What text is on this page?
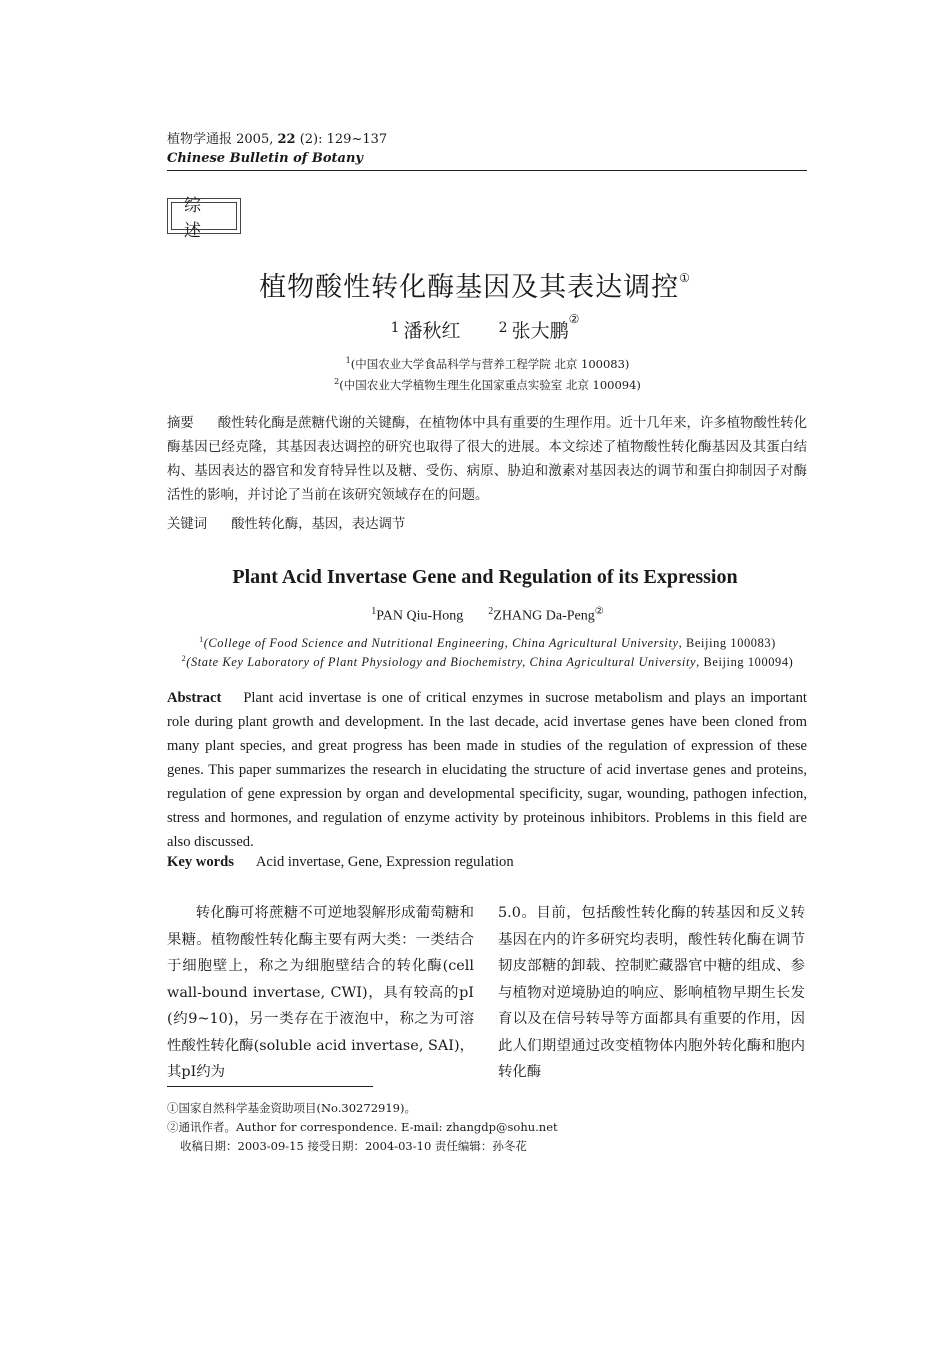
植物学通报 2005, 22 (2): 129~137
Chinese Bulletin of Botany
综述
植物酸性转化酶基因及其表达调控①
$^1$ 潘秋红	$^2$ 张大鹏②
$^1$(中国农业大学食品科学与营养工程学院 北京 100083)
$^2$(中国农业大学植物生理生化国家重点实验室 北京 100094)
摘要 酸性转化酶是蔗糖代谢的关键酶，在植物体中具有重要的生理作用。近十几年来，许多植物酸性转化酶基因已经克隆，其基因表达调控的研究也取得了很大的进展。本文综述了植物酸性转化酶基因及其蛋白结构、基因表达的器官和发育特异性以及糖、受伤、病原、胁迫和激素对基因表达的调节和蛋白抑制因子对酶活性的影响，并讨论了当前在该研究领域存在的问题。
关键词 酸性转化酶，基因，表达调节
Plant Acid Invertase Gene and Regulation of its Expression
$^1$PAN Qiu-Hong	$^2$ZHANG Da-Peng②
$^1$(College of Food Science and Nutritional Engineering, China Agricultural University, Beijing 100083)
$^2$(State Key Laboratory of Plant Physiology and Biochemistry, China Agricultural University, Beijing 100094)
Abstract Plant acid invertase is one of critical enzymes in sucrose metabolism and plays an important role during plant growth and development. In the last decade, acid invertase genes have been cloned from many plant species, and great progress has been made in studies of the regulation of expression of these genes. This paper summarizes the research in elucidating the structure of acid invertase genes and proteins, regulation of gene expression by organ and developmental specificity, sugar, wounding, pathogen infection, stress and hormones, and regulation of enzyme activity by proteinous inhibitors. Problems in this field are also discussed.
Key words Acid invertase, Gene, Expression regulation
转化酶可将蔗糖不可逆地裂解形成葡萄糖和果糖。植物酸性转化酶主要有两大类：一类结合于细胞壁上，称之为细胞壁结合的转化酶(cell wall-bound invertase, CWI)，具有较高的pI (约9~10)，另一类存在于液泡中，称之为可溶性酸性转化酶(soluble acid invertase, SAI)，其pI约为
5.0。目前，包括酸性转化酶的转基因和反义转基因在内的许多研究均表明，酸性转化酶在调节韧皮部糖的卸载、控制贮藏器官中糖的组成、参与植物对逆境胁迫的响应、影响植物早期生长发育以及在信号转导等方面都具有重要的作用，因此人们期望通过改变植物体内胞外转化酶和胞内转化酶
①国家自然科学基金资助项目(No.30272919)。
②通讯作者。Author for correspondence. E-mail: zhangdp@sohu.net
收稿日期：2003-09-15 接受日期：2004-03-10 责任编辑：孙冬花
